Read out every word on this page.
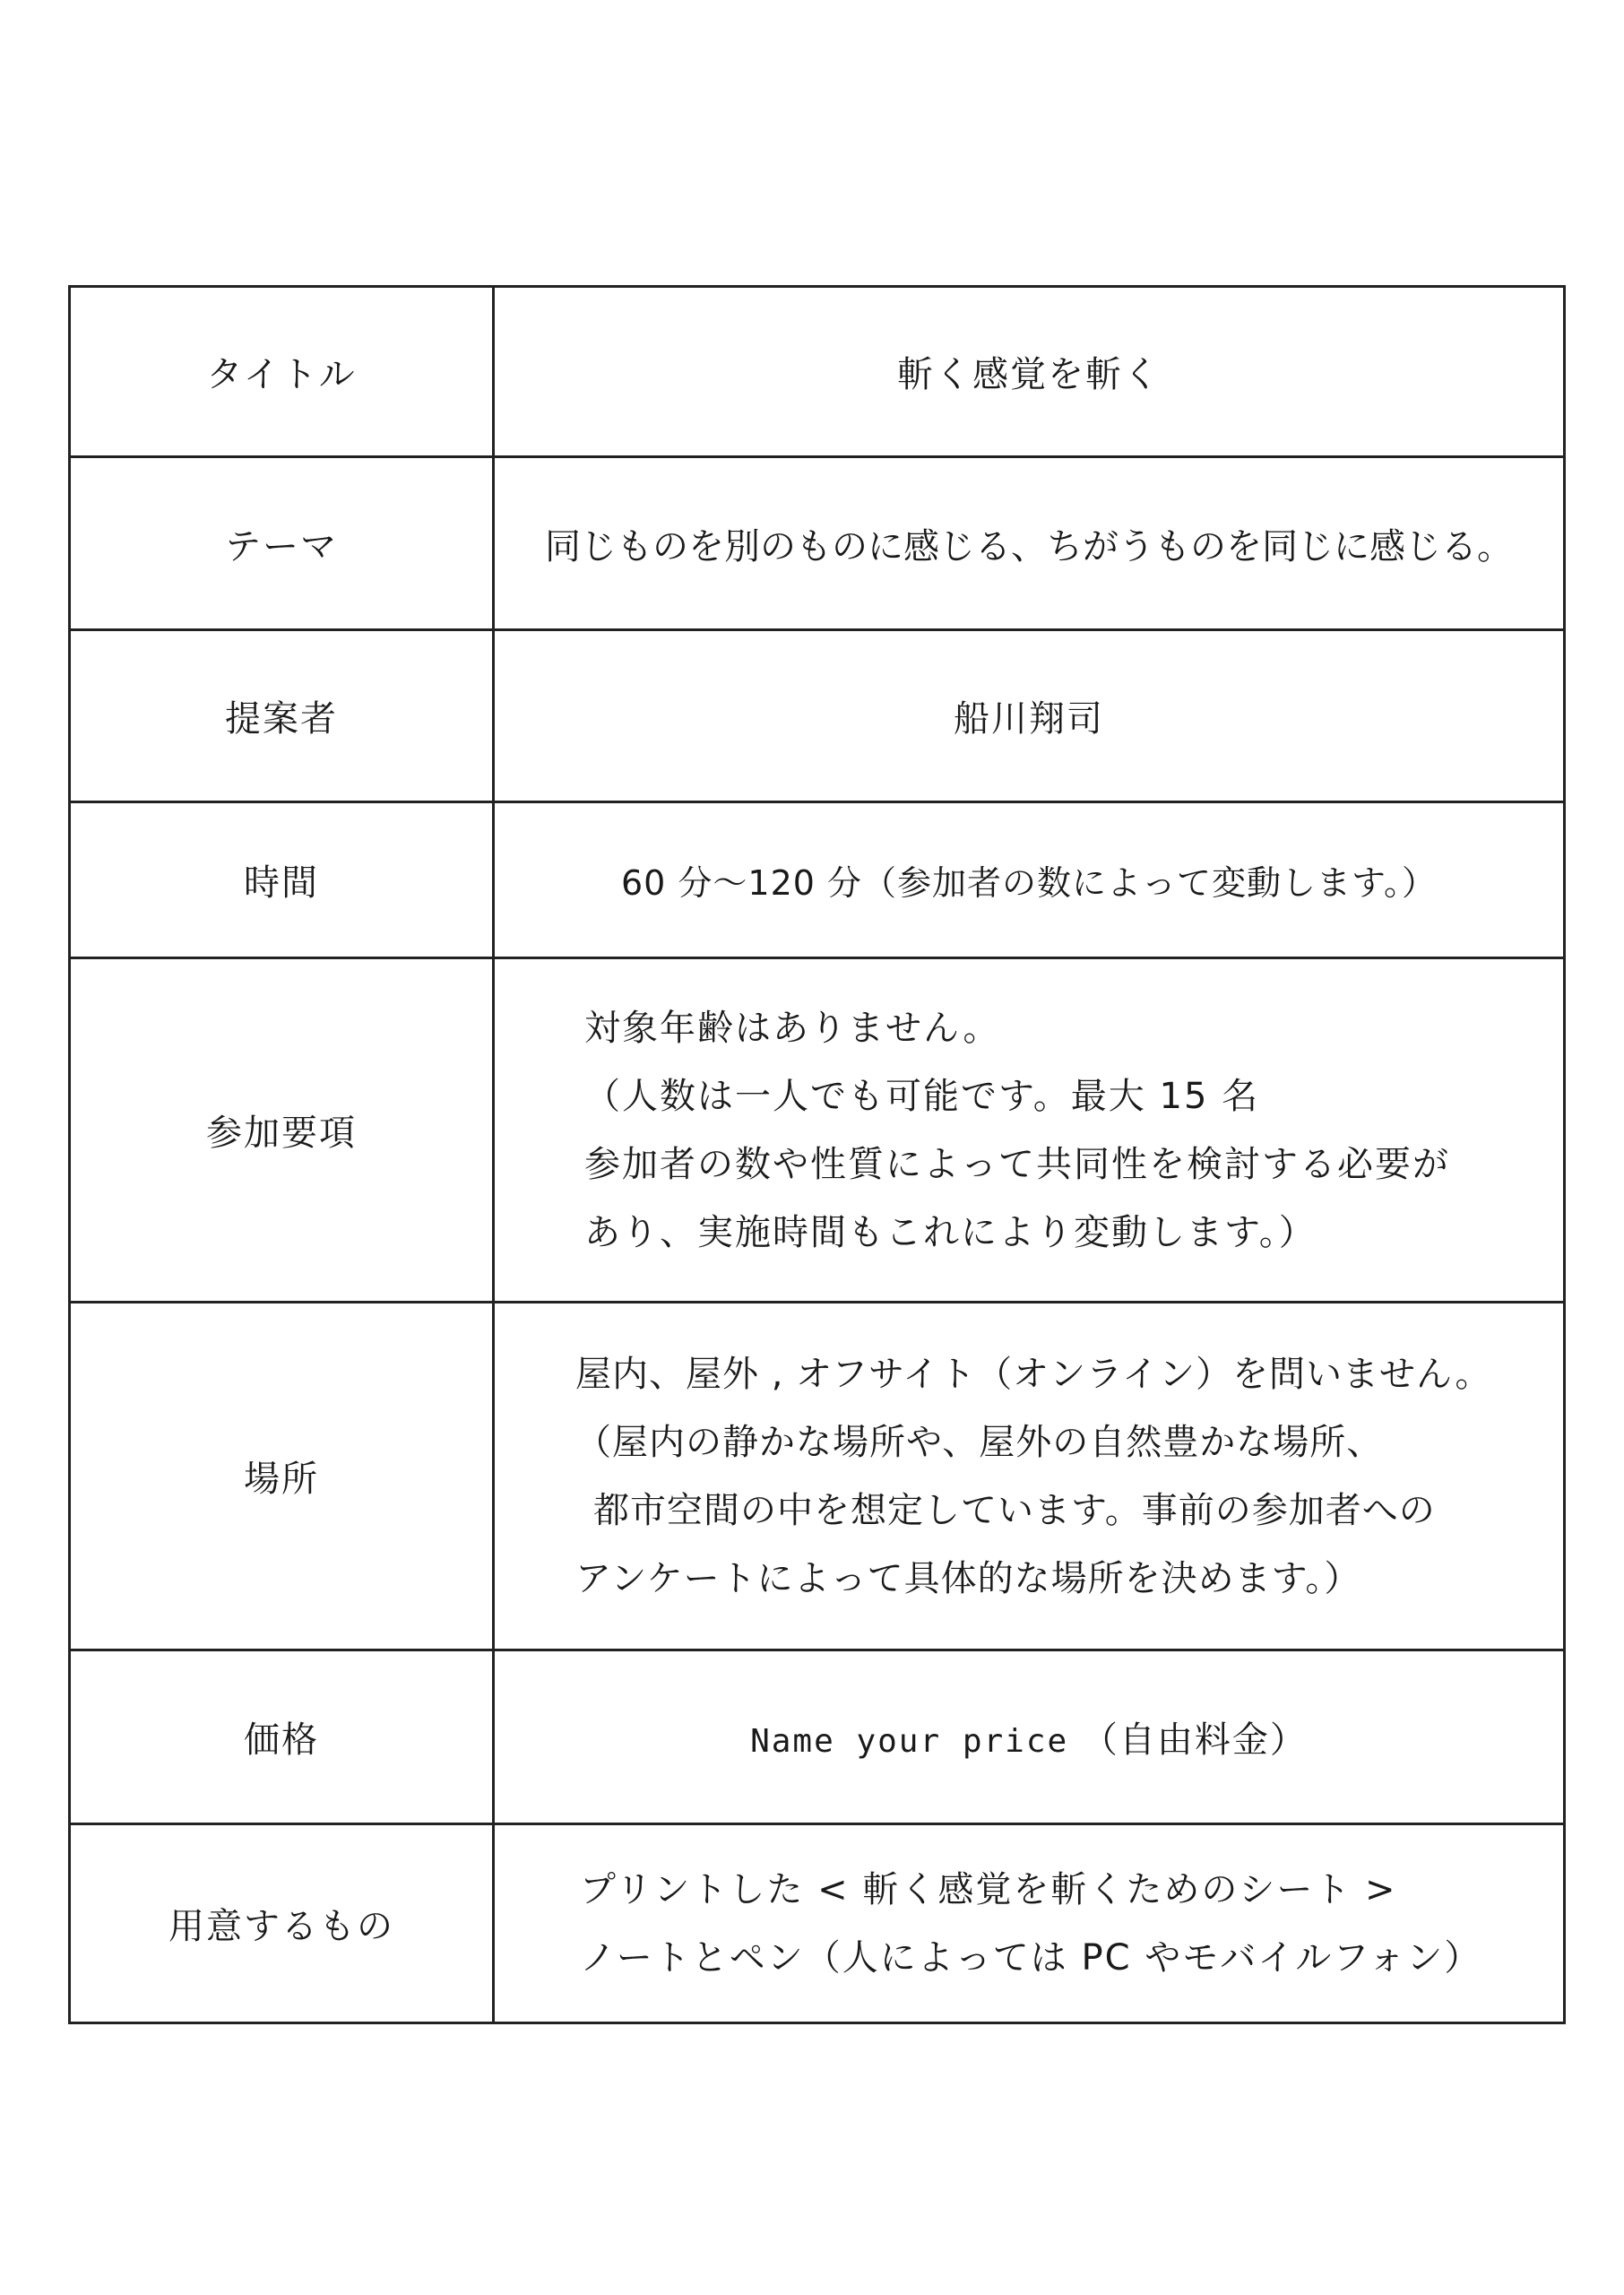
タイトル	斬く感覚を斬く
テーマ	同じものを別のものに感じる、ちがうものを同じに感じる。
提案者	船川翔司
時間	60 分〜120 分（参加者の数によって変動します。）
参加要項	対象年齢はありません。
（人数は一人でも可能です。最大 15 名
参加者の数や性質によって共同性を検討する必要が
あり、実施時間もこれにより変動します。）

場所	屋内、屋外 , オフサイト（オンライン）を問いません。
（屋内の静かな場所や、屋外の自然豊かな場所、
都市空間の中を想定しています。事前の参加者への
アンケートによって具体的な場所を決めます。）

価格	Name your price （自由料金）
用意するもの	プリントした < 斬く感覚を斬くためのシート >
ノートとペン（人によっては PC やモバイルフォン）
